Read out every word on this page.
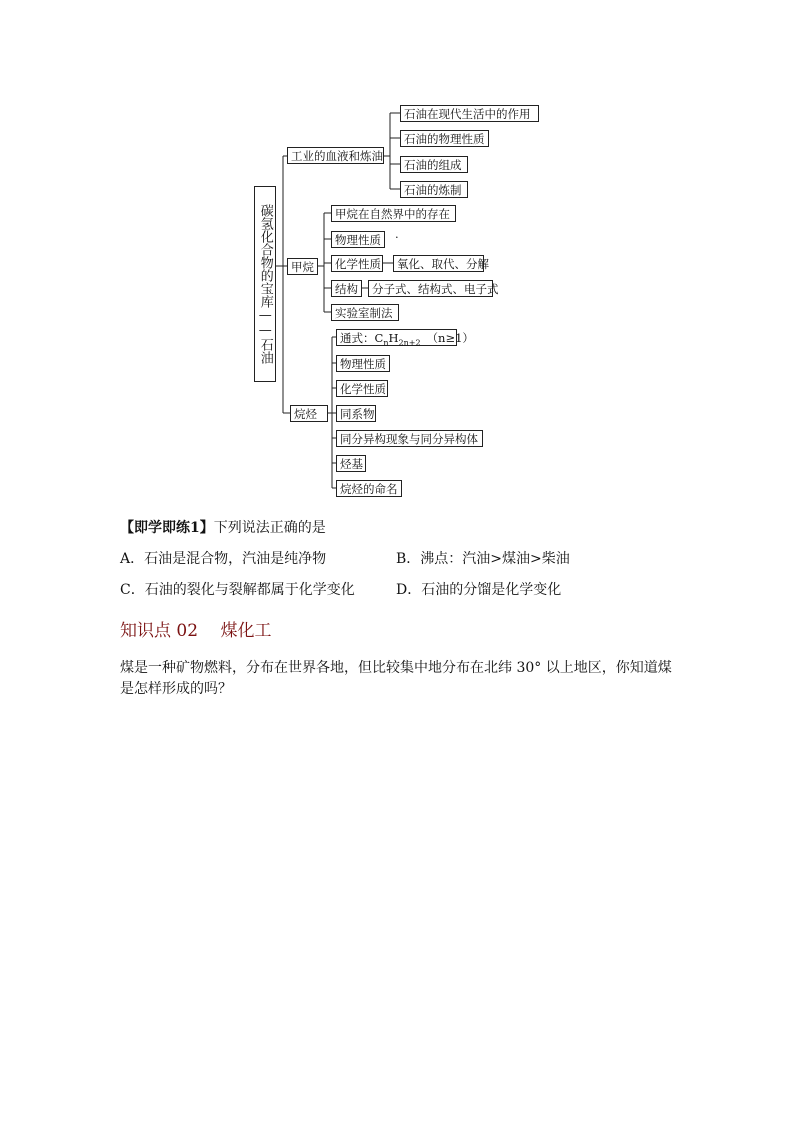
碳氢化合物的宝库——石油
工业的血液和炼油
石油在现代生活中的作用
石油的物理性质
石油的组成
石油的炼制
甲烷
甲烷在自然界中的存在
物理性质	·
化学性质	氧化、取代、分解
结构	分子式、结构式、电子式
实验室制法
烷烃
通式：$C_nH_{2n+2}$ （n≥1）
物理性质
化学性质
同系物
同分异构现象与同分异构体
烃基
烷烃的命名
【即学即练1】下列说法正确的是
A．石油是混合物，汽油是纯净物	B．沸点：汽油>煤油>柴油
C．石油的裂化与裂解都属于化学变化	D．石油的分馏是化学变化
知识点 02　 煤化工
煤是一种矿物燃料，分布在世界各地，但比较集中地分布在北纬 30° 以上地区，你知道煤是怎样形成的吗？
